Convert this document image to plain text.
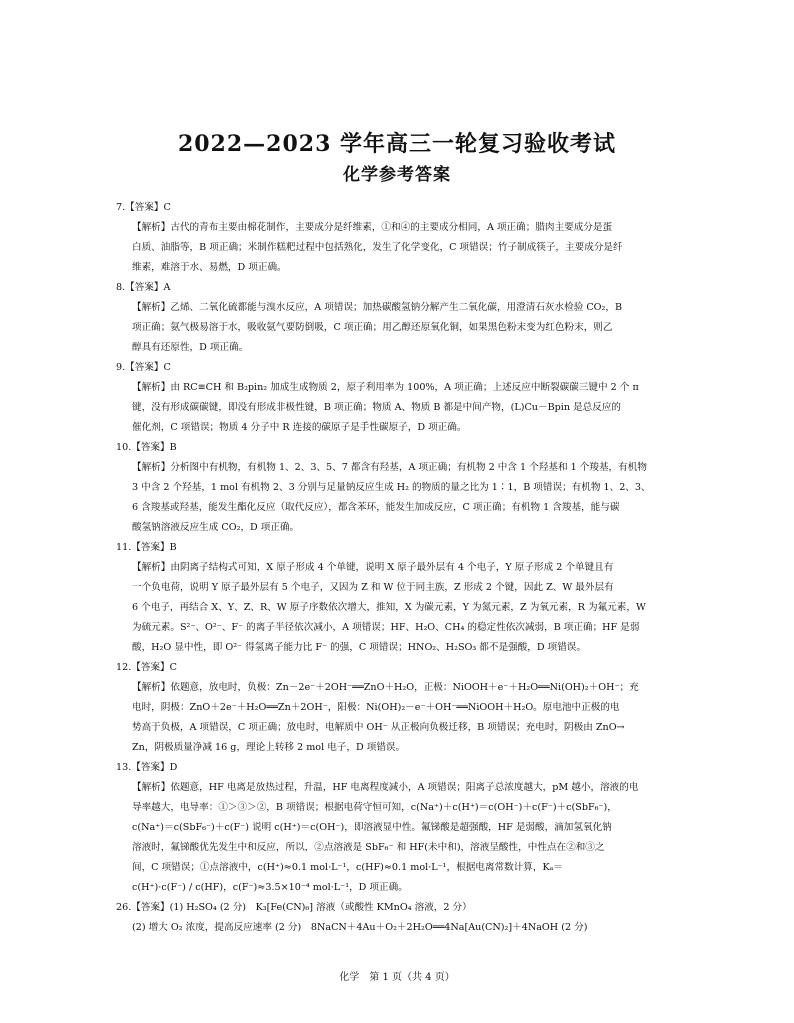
2022—2023 学年高三一轮复习验收考试
化学参考答案
7.【答案】C
【解析】古代的青布主要由棉花制作，主要成分是纤维素，①和④的主要成分相同，A 项正确；腊肉主要成分是蛋
白质、油脂等，B 项正确；米制作糕粑过程中包括熟化，发生了化学变化，C 项错误；竹子制成筷子，主要成分是纤
维素，难溶于水、易燃，D 项正确。
8.【答案】A
【解析】乙烯、二氧化硫都能与溴水反应，A 项错误；加热碳酸氢钠分解产生二氧化碳，用澄清石灰水检验 CO₂，B
项正确；氨气极易溶于水，吸收氨气要防倒吸，C 项正确；用乙醇还原氧化铜，如果黑色粉末变为红色粉末，则乙
醇具有还原性，D 项正确。
9.【答案】C
【解析】由 RC≡CH 和 B₂pin₂ 加成生成物质 2，原子利用率为 100%，A 项正确；上述反应中断裂碳碳三键中 2 个 π
键，没有形成碳碳键，即没有形成非极性键，B 项正确；物质 A、物质 B 都是中间产物，(L)Cu－Bpin 是总反应的
催化剂，C 项错误；物质 4 分子中 R 连接的碳原子是手性碳原子，D 项正确。
10.【答案】B
【解析】分析图中有机物，有机物 1、2、3、5、7 都含有羟基，A 项正确；有机物 2 中含 1 个羟基和 1 个羧基，有机物
3 中含 2 个羟基，1 mol 有机物 2、3 分别与足量钠反应生成 H₂ 的物质的量之比为 1∶1，B 项错误；有机物 1、2、3、
6 含羧基或羟基，能发生酯化反应（取代反应），都含苯环，能发生加成反应，C 项正确；有机物 1 含羧基，能与碳
酸氢钠溶液反应生成 CO₂，D 项正确。
11.【答案】B
【解析】由阴离子结构式可知，X 原子形成 4 个单键，说明 X 原子最外层有 4 个电子，Y 原子形成 2 个单键且有
一个负电荷，说明 Y 原子最外层有 5 个电子，又因为 Z 和 W 位于同主族，Z 形成 2 个键，因此 Z、W 最外层有
6 个电子，再结合 X、Y、Z、R、W 原子序数依次增大，推知，X 为碳元素，Y 为氮元素，Z 为氧元素，R 为氟元素，W
为硫元素。S²⁻、O²⁻、F⁻ 的离子半径依次减小，A 项错误；HF、H₂O、CH₄ 的稳定性依次减弱，B 项正确；HF 是弱
酸，H₂O 显中性，即 O²⁻ 得氢离子能力比 F⁻ 的强，C 项错误；HNO₂、H₂SO₃ 都不是强酸，D 项错误。
12.【答案】C
【解析】依题意，放电时，负极：Zn－2e⁻＋2OH⁻══ZnO＋H₂O，正极：NiOOH＋e⁻＋H₂O══Ni(OH)₂＋OH⁻；充
电时，阴极：ZnO＋2e⁻＋H₂O══Zn＋2OH⁻，阳极：Ni(OH)₂－e⁻＋OH⁻══NiOOH＋H₂O。原电池中正极的电
势高于负极，A 项错误，C 项正确；放电时，电解质中 OH⁻ 从正极向负极迁移，B 项错误；充电时，阴极由 ZnO→
Zn，阴极质量净减 16 g，理论上转移 2 mol 电子，D 项错误。
13.【答案】D
【解析】依题意，HF 电离是放热过程，升温，HF 电离程度减小，A 项错误；阳离子总浓度越大，pM 越小，溶液的电
导率越大，电导率：①＞③＞②，B 项错误；根据电荷守恒可知，c(Na⁺)＋c(H⁺)＝c(OH⁻)＋c(F⁻)＋c(SbF₆⁻)，
c(Na⁺)＝c(SbF₆⁻)＋c(F⁻) 说明 c(H⁺)＝c(OH⁻)，即溶液显中性。氟锑酸是超强酸，HF 是弱酸，滴加氢氧化钠
溶液时，氟锑酸优先发生中和反应，所以，②点溶液是 SbF₆⁻ 和 HF(未中和)，溶液呈酸性，中性点在②和③之
间，C 项错误；①点溶液中，c(H⁺)≈0.1 mol·L⁻¹，c(HF)≈0.1 mol·L⁻¹，根据电离常数计算，Kₐ＝
c(H⁺)·c(F⁻) / c(HF)，c(F⁻)≈3.5×10⁻⁴ mol·L⁻¹，D 项正确。
26.【答案】(1) H₂SO₄ (2 分)　K₃[Fe(CN)₆] 溶液（或酸性 KMnO₄ 溶液，2 分）
(2) 增大 O₂ 浓度，提高反应速率 (2 分)　8NaCN＋4Au＋O₂＋2H₂O══4Na[Au(CN)₂]＋4NaOH (2 分)
化学　第 1 页（共 4 页）
